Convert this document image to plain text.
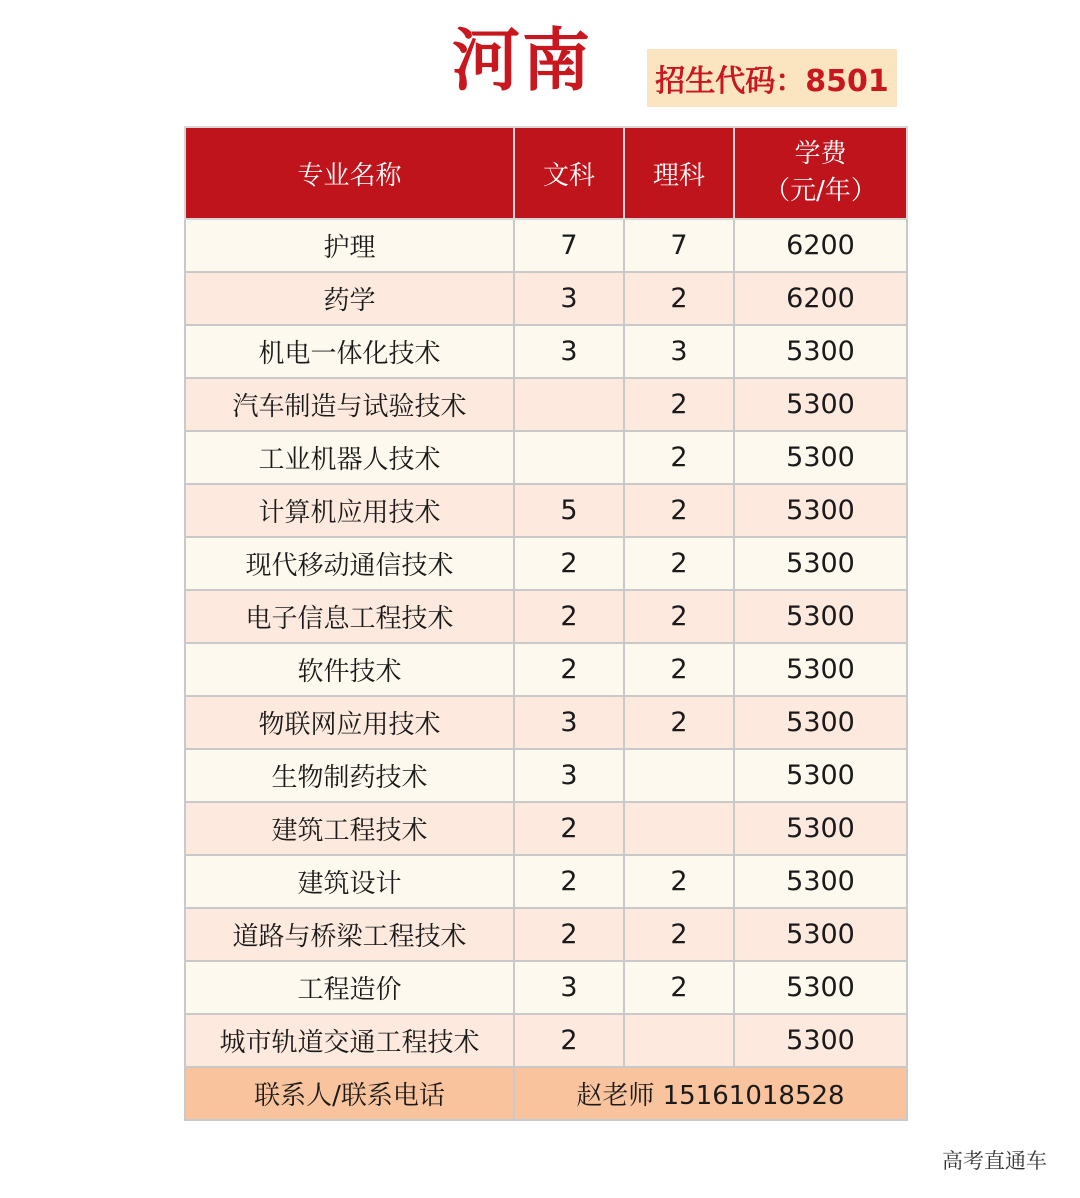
河南 招生代码：8501
专业名称	文科	理科	学费
（元/年）

护理	7	7	6200
药学	3	2	6200
机电一体化技术	3	3	5300
汽车制造与试验技术		2	5300
工业机器人技术		2	5300
计算机应用技术	5	2	5300
现代移动通信技术	2	2	5300
电子信息工程技术	2	2	5300
软件技术	2	2	5300
物联网应用技术	3	2	5300
生物制药技术	3		5300
建筑工程技术	2		5300
建筑设计	2	2	5300
道路与桥梁工程技术	2	2	5300
工程造价	3	2	5300
城市轨道交通工程技术	2		5300
联系人/联系电话	赵老师 15161018528		
高考直通车
